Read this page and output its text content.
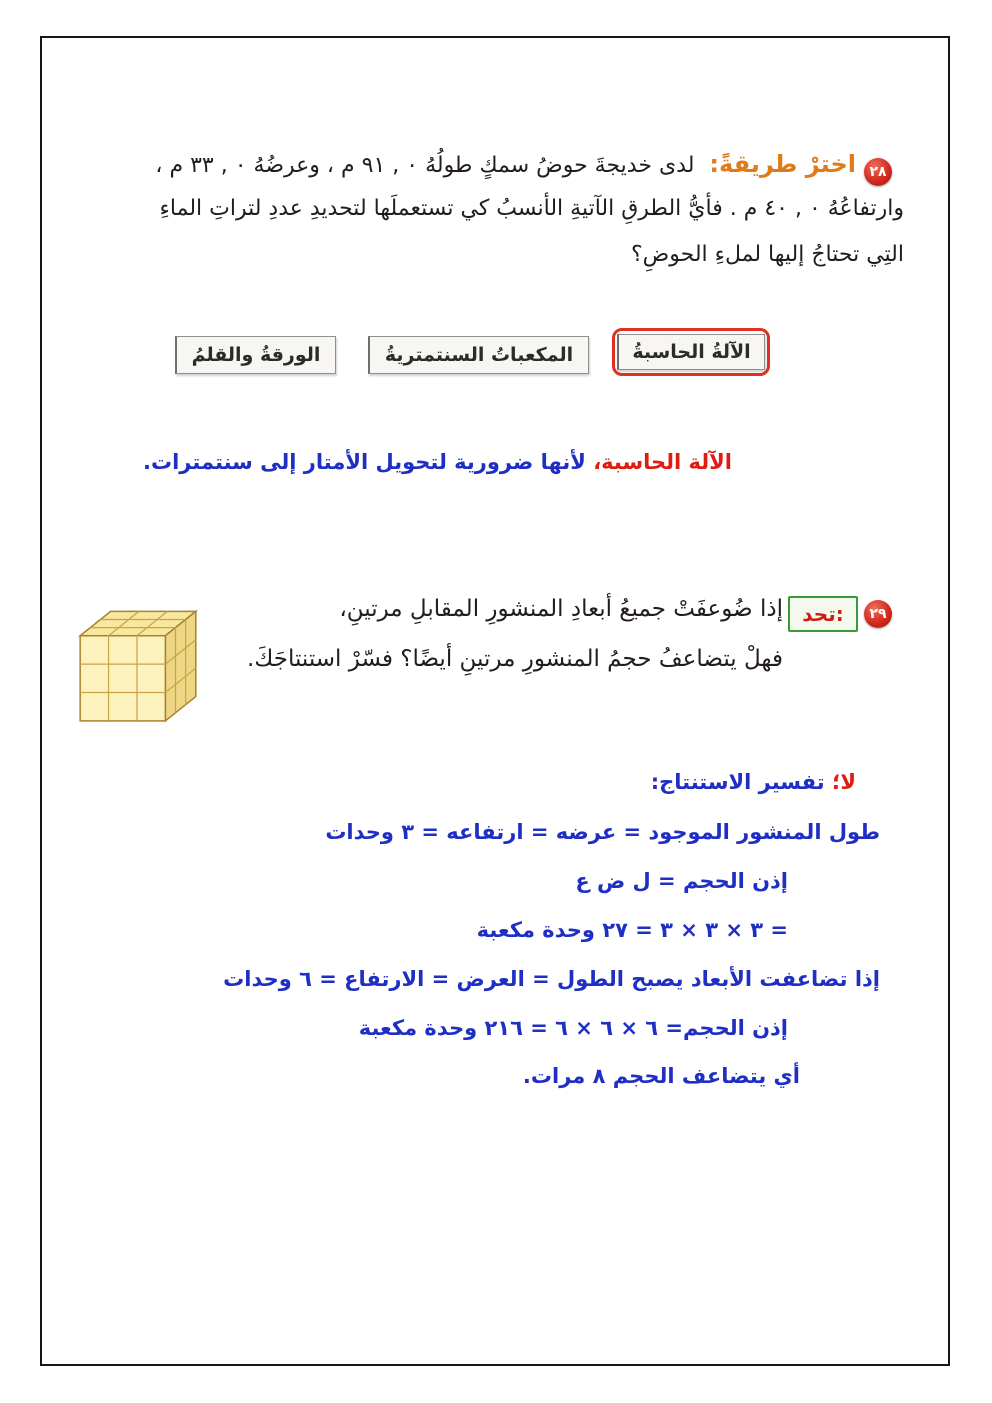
٢٨
اخترْ طريقةً: لدى خديجةَ حوضُ سمكٍ طولُهُ ٠ , ٩١ م ، وعرضُهُ ٠ , ٣٣ م ،
وارتفاعُهُ ٠ , ٤٠ م . فأيُّ الطرقِ الآتيةِ الأنسبُ كي تستعملَها لتحديدِ عددِ لتراتِ الماءِ
التِي تحتاجُ إليها لملءِ الحوضِ؟
الآلةُ الحاسبةُ
المكعباتُ السنتمتريةُ
الورقةُ والقلمُ
الآلة الحاسبة، لأنها ضرورية لتحويل الأمتار إلى سنتمترات.
٢٩
تحد:
إذا ضُوعفَتْ جميعُ أبعادِ المنشورِ المقابلِ مرتينِ،
فهلْ يتضاعفُ حجمُ المنشورِ مرتينِ أيضًا؟ فسّرْ استنتاجَكَ.
لا؛ تفسير الاستنتاج:
طول المنشور الموجود = عرضه = ارتفاعه = ٣ وحدات
إذن الحجم = ل ض ع
= ٣ × ٣ × ٣ = ٢٧ وحدة مكعبة
إذا تضاعفت الأبعاد يصبح الطول = العرض = الارتفاع = ٦ وحدات
إذن الحجم= ٦ × ٦ × ٦ = ٢١٦ وحدة مكعبة
أي يتضاعف الحجم ٨ مرات.
